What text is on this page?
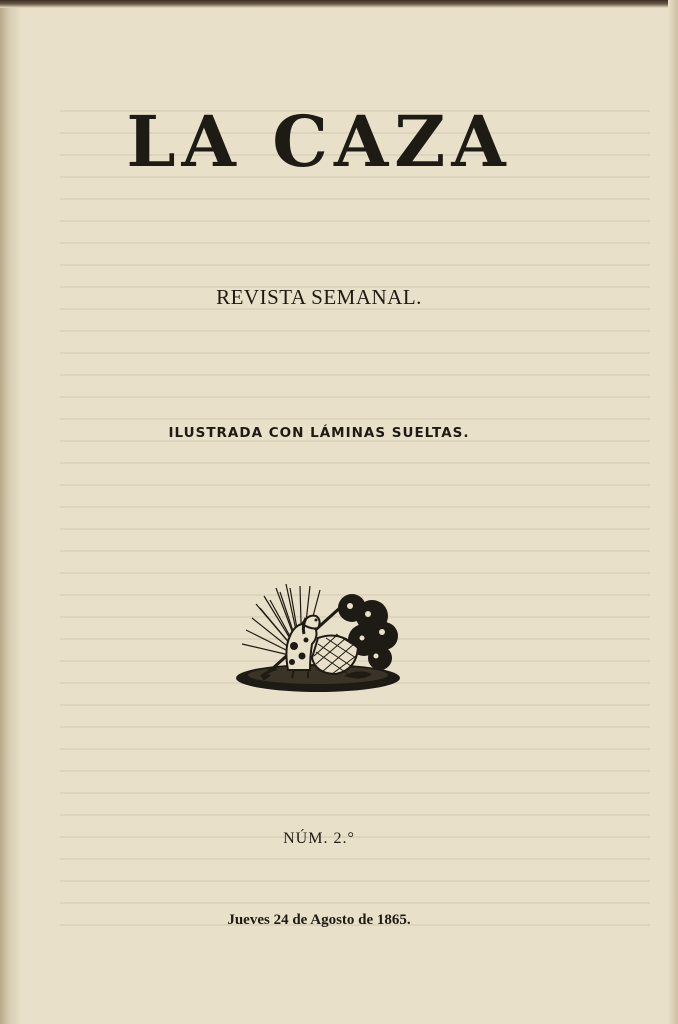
LA CAZA
REVISTA SEMANAL.
ILUSTRADA CON LÁMINAS SUELTAS.
NÚM. 2.°
Jueves 24 de Agosto de 1865.
